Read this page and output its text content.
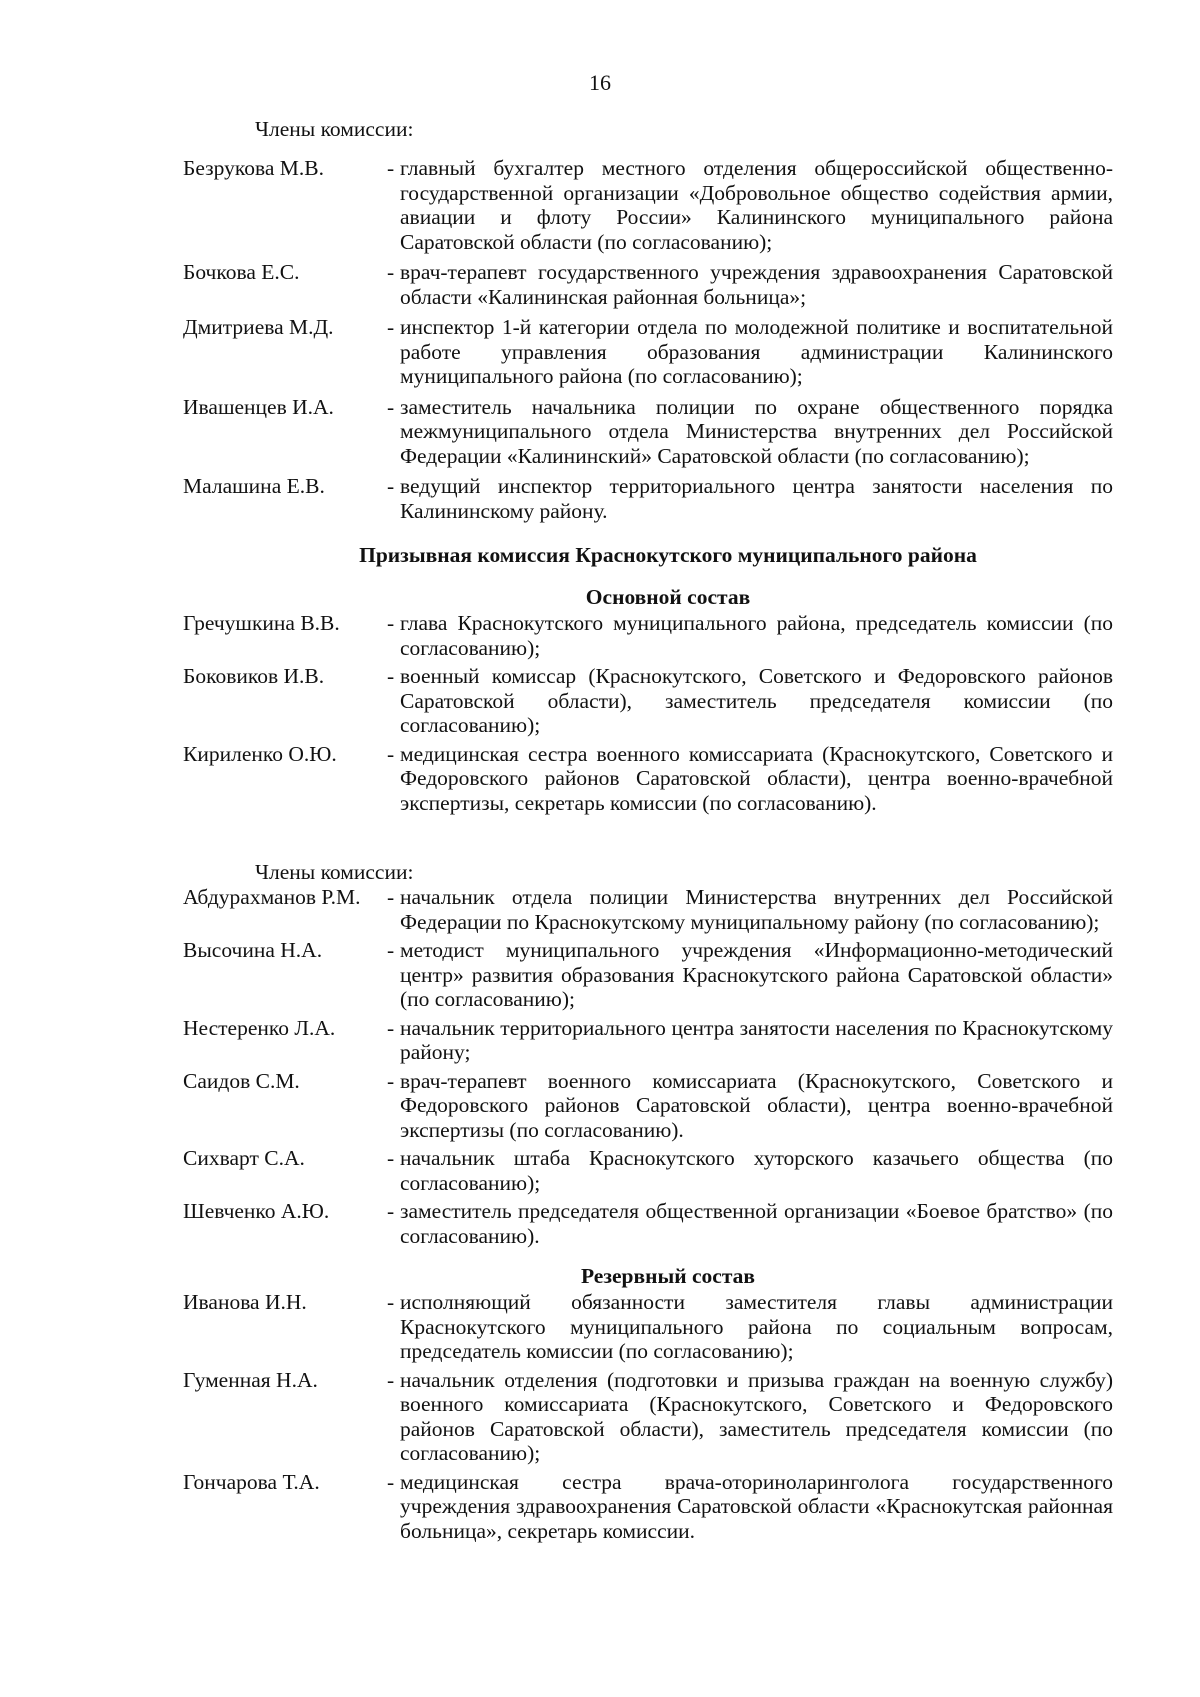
16
Члены комиссии:
Безрукова М.В.	- главный бухгалтер местного отделения общероссийской общественно-государственной организации «Добровольное общество содействия армии, авиации и флоту России» Калининского муниципального района Саратовской области (по согласованию);
Бочкова Е.С.	- врач-терапевт государственного учреждения здравоохранения Саратовской области «Калининская районная больница»;
Дмитриева М.Д.	- инспектор 1-й категории отдела по молодежной политике и воспитательной работе управления образования администрации Калининского муниципального района (по согласованию);
Ивашенцев И.А.	- заместитель начальника полиции по охране общественного порядка межмуниципального отдела Министерства внутренних дел Российской Федерации «Калининский» Саратовской области (по согласованию);
Малашина Е.В.	- ведущий инспектор территориального центра занятости населения по Калининскому району.
Призывная комиссия Краснокутского муниципального района
Основной состав
Гречушкина В.В.	- глава Краснокутского муниципального района, председатель комиссии (по согласованию);
Боковиков И.В.	- военный комиссар (Краснокутского, Советского и Федоровского районов Саратовской области), заместитель председателя комиссии (по согласованию);
Кириленко О.Ю.	- медицинская сестра военного комиссариата (Краснокутского, Советского и Федоровского районов Саратовской области), центра военно-врачебной экспертизы, секретарь комиссии (по согласованию).
Члены комиссии:
Абдурахманов Р.М.	- начальник отдела полиции Министерства внутренних дел Российской Федерации по Краснокутскому муниципальному району (по согласованию);
Высочина Н.А.	- методист муниципального учреждения «Информационно-методический центр» развития образования Краснокутского района Саратовской области» (по согласованию);
Нестеренко Л.А.	- начальник территориального центра занятости населения по Краснокутскому району;
Саидов С.М.	- врач-терапевт военного комиссариата (Краснокутского, Советского и Федоровского районов Саратовской области), центра военно-врачебной экспертизы (по согласованию).
Сихварт С.А.	- начальник штаба Краснокутского хуторского казачьего общества (по согласованию);
Шевченко А.Ю.	- заместитель председателя общественной организации «Боевое братство» (по согласованию).
Резервный состав
Иванова И.Н.	- исполняющий обязанности заместителя главы администрации Краснокутского муниципального района по социальным вопросам, председатель комиссии (по согласованию);
Гуменная Н.А.	- начальник отделения (подготовки и призыва граждан на военную службу) военного комиссариата (Краснокутского, Советского и Федоровского районов Саратовской области), заместитель председателя комиссии (по согласованию);
Гончарова Т.А.	- медицинская сестра врача-оториноларинголога государственного учреждения здравоохранения Саратовской области «Краснокутская районная больница», секретарь комиссии.
